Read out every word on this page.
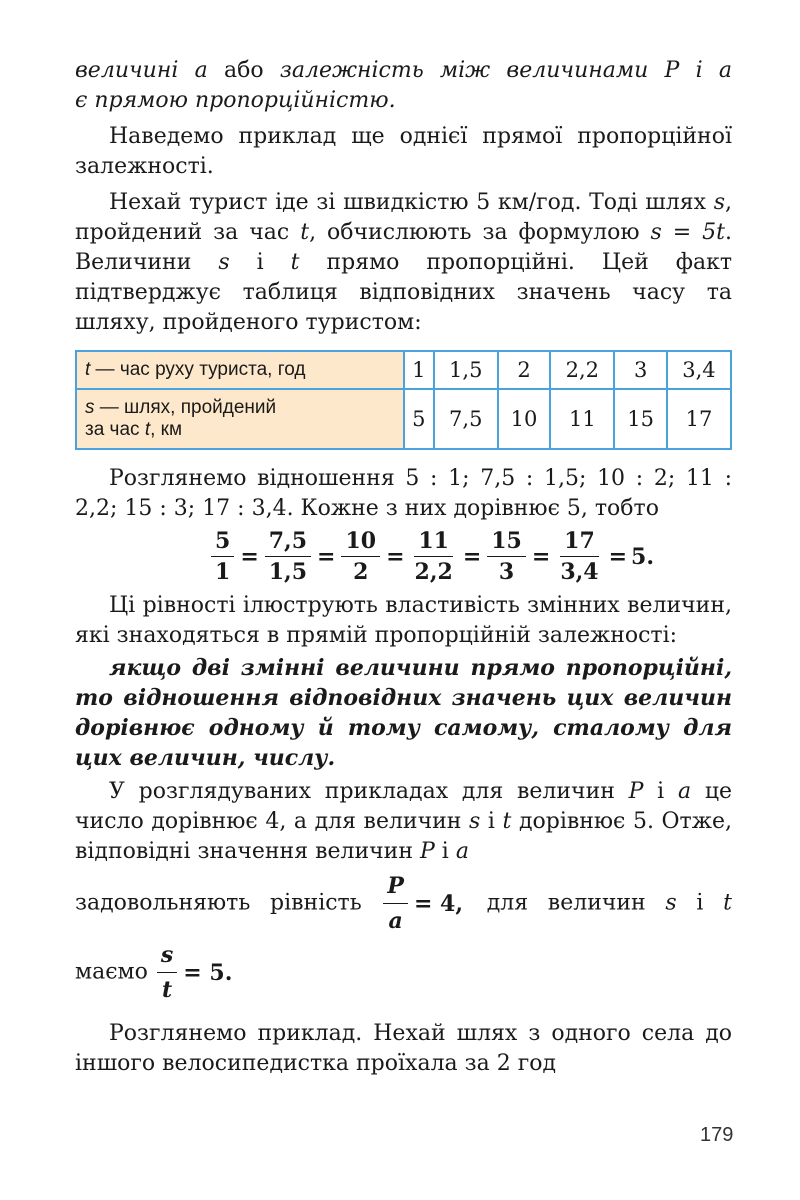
величині a або залежність між величинами P і a

є прямою пропорційністю.

Наведемо приклад ще однієї прямої пропорційної залежності.

Нехай турист іде зі швидкістю 5 км/год. Тоді шлях s, пройдений за час t, обчислюють за формулою s = 5t. Величини s і t прямо пропорційні. Цей факт підтверджує таблиця відповідних значень часу та шляху, пройденого туристом:

t — час руху туриста, год	1	1,5	2	2,2	3	3,4
s — шлях, пройдений
за час t, км	5	7,5	10	11	15	17

Розглянемо відношення 5 : 1; 7,5 : 1,5; 10 : 2; 11 : 2,2; 15 : 3; 17 : 3,4. Кожне з них дорівнює 5, тобто

$\frac{5}{1} = \frac{7,5}{1,5} = \frac{10}{2} = \frac{11}{2,2} = \frac{15}{3} = \frac{17}{3,4} = 5$.

Ці рівності ілюструють властивість змінних величин, які знаходяться в прямій пропорційній залежності:

якщо дві змінні величини прямо пропорційні, то відношення відповідних значень цих величин дорівнює одному й тому самому, сталому для цих величин, числу.

У розглядуваних прикладах для величин P і a це число дорівнює 4, а для величин s і t дорівнює 5. Отже, відповідні значення величин P і a

задовольняють рівність $\frac{P}{a} = 4$, для величин s і t

маємо $\frac{s}{t} = 5$.

Розглянемо приклад. Нехай шлях з одного села до іншого велосипедистка проїхала за 2 год

179
